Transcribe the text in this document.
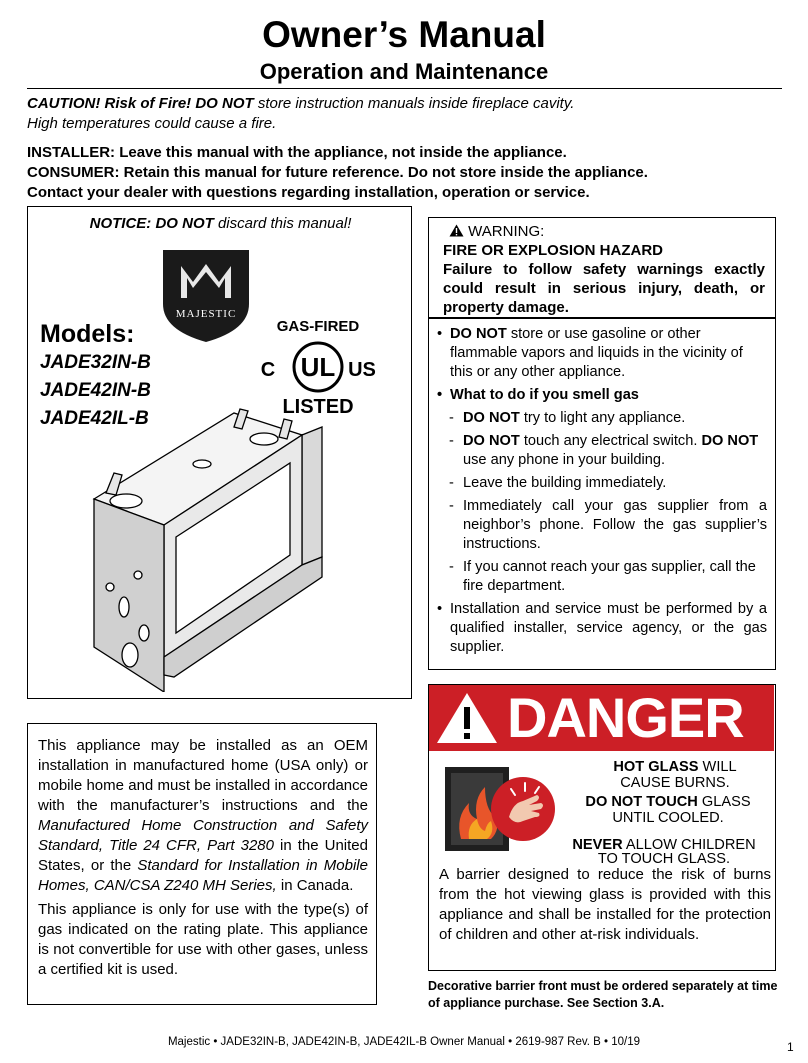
Owner’s Manual
Operation and Maintenance
CAUTION! Risk of Fire! DO NOT store instruction manuals inside fireplace cavity.
High temperatures could cause a fire.
INSTALLER: Leave this manual with the appliance, not inside the appliance.
CONSUMER: Retain this manual for future reference. Do not store inside the appliance.
Contact your dealer with questions regarding installation, operation or service.
NOTICE: DO NOT discard this manual!
MAJESTIC
Models:
JADE32IN-B
JADE42IN-B
JADE42IL-B
GAS-FIRED
UL
C	US
LISTED
WARNING:
FIRE OR EXPLOSION HAZARD
Failure to follow safety warnings exactly could result in serious injury, death, or property damage.
• DO NOT store or use gasoline or other flammable vapors and liquids in the vicinity of this or any other appliance.
• What to do if you smell gas
- DO NOT try to light any appliance.
- DO NOT touch any electrical switch. DO NOT use any phone in your building.
- Leave the building immediately.
- Immediately call your gas supplier from a neighbor’s phone. Follow the gas supplier’s instructions.
- If you cannot reach your gas supplier, call the fire department.
• Installation and service must be performed by a qualified installer, service agency, or the gas supplier.

This appliance may be installed as an OEM installation in manufactured home (USA only) or mobile home and must be installed in accordance with the manufacturer’s instructions and the Manufactured Home Construction and Safety Standard, Title 24 CFR, Part 3280 in the United States, or the Standard for Installation in Mobile Homes, CAN/CSA Z240 MH Series, in Canada.

This appliance is only for use with the type(s) of gas indicated on the rating plate. This appliance is not convertible for use with other gases, unless a certified kit is used.

DANGER
HOT GLASS WILL
CAUSE BURNS.
DO NOT TOUCH GLASS
UNTIL COOLED.
NEVER ALLOW CHILDREN
TO TOUCH GLASS.
A barrier designed to reduce the risk of burns from the hot viewing glass is provided with this appliance and shall be installed for the protection of children and other at-risk individuals.
Decorative barrier front must be ordered separately at time of appliance purchase. See Section 3.A.
Majestic • JADE32IN-B, JADE42IN-B, JADE42IL-B Owner Manual • 2619-987 Rev. B • 10/19	1
